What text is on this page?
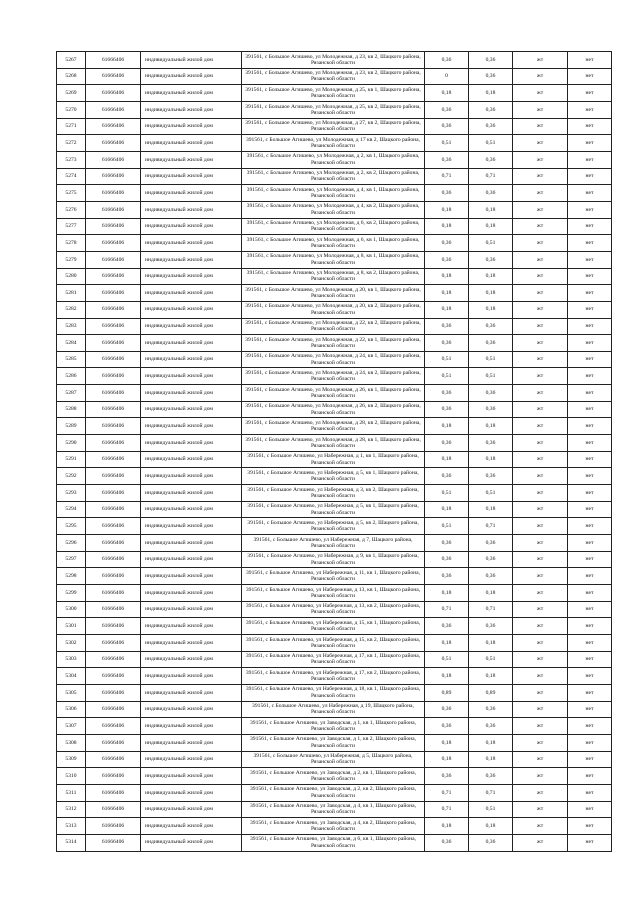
5267	61666406	индивидуальный жилой дом	391561, с Большое Агишево, ул Молодежная, д 23, кв 2, Шацкого района, Рязанской области	0,36	0,36	жт	нет
5268	61666406	индивидуальный жилой дом	391561, с Большое Агишево, ул Молодежная, д 23, кв 2, Шацкого района, Рязанской области	0	0,36	жт	нет
5269	61666406	индивидуальный жилой дом	391561, с Большое Агишево, ул Молодежная, д 25, кв 1, Шацкого района, Рязанской области	0,18	0,18	жт	нет
5270	61666406	индивидуальный жилой дом	391561, с Большое Агишево, ул Молодежная, д 25, кв 2, Шацкого района, Рязанской области	0,36	0,36	жт	нет
5271	61666406	индивидуальный жилой дом	391561, с Большое Агишево, ул Молодежная, д 27, кв 2, Шацкого района, Рязанской области	0,36	0,36	жт	нет
5272	61666406	индивидуальный жилой дом	391561, с Большое Агишево, ул Молодежная, д 17 кв 2, Шацкого района, Рязанской области	0,51	0,51	жт	нет
5273	61666406	индивидуальный жилой дом	391561, с Большое Агишево, ул Молодежная, д 2, кв 1, Шацкого района, Рязанской области	0,36	0,36	жт	нет
5274	61666406	индивидуальный жилой дом	391561, с Большое Агишево, ул Молодежная, д 2, кв 2, Шацкого района, Рязанской области	0,71	0,71	жт	нет
5275	61666406	индивидуальный жилой дом	391561, с Большое Агишево, ул Молодежная, д 4, кв 1, Шацкого района, Рязанской области	0,36	0,36	жт	нет
5276	61666406	индивидуальный жилой дом	391561, с Большое Агишево, ул Молодежная, д 4, кв 2, Шацкого района, Рязанской области	0,18	0,18	жт	нет
5277	61666406	индивидуальный жилой дом	391561, с Большое Агишево, ул Молодежная, д 6, кв 2, Шацкого района, Рязанской области	0,18	0,18	жт	нет
5278	61666406	индивидуальный жилой дом	391561, с Большое Агишево, ул Молодежная, д 6, кв 1, Шацкого района, Рязанской области	0,36	0,51	жт	нет
5279	61666406	индивидуальный жилой дом	391561, с Большое Агишево, ул Молодежная, д 8, кв 1, Шацкого района, Рязанской области	0,36	0,36	жт	нет
5280	61666406	индивидуальный жилой дом	391561, с Большое Агишево, ул Молодежная, д 8, кв 2, Шацкого района, Рязанской области	0,18	0,18	жт	нет
5281	61666406	индивидуальный жилой дом	391561, с Большое Агишево, ул Молодежная, д 20, кв 1, Шацкого района, Рязанской области	0,18	0,18	жт	нет
5282	61666406	индивидуальный жилой дом	391561, с Большое Агишево, ул Молодежная, д 20, кв 2, Шацкого района, Рязанской области	0,18	0,18	жт	нет
5283	61666406	индивидуальный жилой дом	391561, с Большое Агишево, ул Молодежная, д 22, кв 2, Шацкого района, Рязанской области	0,36	0,36	жт	нет
5284	61666406	индивидуальный жилой дом	391561, с Большое Агишево, ул Молодежная, д 22, кв 1, Шацкого района, Рязанской области	0,36	0,36	жт	нет
5285	61666406	индивидуальный жилой дом	391561, с Большое Агишево, ул Молодежная, д 24, кв 1, Шацкого района, Рязанской области	0,51	0,51	жт	нет
5286	61666406	индивидуальный жилой дом	391561, с Большое Агишево, ул Молодежная, д 24, кв 2, Шацкого района, Рязанской области	0,51	0,51	жт	нет
5287	61666406	индивидуальный жилой дом	391561, с Большое Агишево, ул Молодежная, д 26, кв 1, Шацкого района, Рязанской области	0,36	0,36	жт	нет
5288	61666406	индивидуальный жилой дом	391561, с Большое Агишево, ул Молодежная, д 26, кв 2, Шацкого района, Рязанской области	0,36	0,36	жт	нет
5289	61666406	индивидуальный жилой дом	391561, с Большое Агишево, ул Молодежная, д 28, кв 2, Шацкого района, Рязанской области	0,18	0,18	жт	нет
5290	61666406	индивидуальный жилой дом	391561, с Большое Агишево, ул Молодежная, д 28, кв 1, Шацкого района, Рязанской области	0,36	0,36	жт	нет
5291	61666406	индивидуальный жилой дом	391561, с Большое Агишево, ул Набережная, д 1, кв 1, Шацкого района, Рязанской области	0,18	0,18	жт	нет
5292	61666406	индивидуальный жилой дом	391561, с Большое Агишево, ул Набережная, д 5, кв 1, Шацкого района, Рязанской области	0,36	0,36	жт	нет
5293	61666406	индивидуальный жилой дом	391561, с Большое Агишево, ул Набережная, д 3, кв 2, Шацкого района, Рязанской области	0,51	0,51	жт	нет
5294	61666406	индивидуальный жилой дом	391561, с Большое Агишево, ул Набережная, д 5, кв 1, Шацкого района, Рязанской области	0,18	0,18	жт	нет
5295	61666406	индивидуальный жилой дом	391561, с Большое Агишево, ул Набережная, д 5, кв 2, Шацкого района, Рязанской области	0,51	0,71	жт	нет
5296	61666406	индивидуальный жилой дом	391561, с Большое Агишево, ул Набережная, д 7, Шацкого района, Рязанской области	0,36	0,36	жт	нет
5297	61666406	индивидуальный жилой дом	391561, с Большое Агишево, ул Набережная, д 9, кв 1, Шацкого района, Рязанской области	0,36	0,36	жт	нет
5298	61666406	индивидуальный жилой дом	391561, с Большое Агишево, ул Набережная, д 11, кв 1, Шацкого района, Рязанской области	0,36	0,36	жт	нет
5299	61666406	индивидуальный жилой дом	391561, с Большое Агишево, ул Набережная, д 13, кв 1, Шацкого района, Рязанской области	0,18	0,18	жт	нет
5300	61666406	индивидуальный жилой дом	391561, с Большое Агишево, ул Набережная, д 13, кв 2, Шацкого района, Рязанской области	0,71	0,71	жт	нет
5301	61666406	индивидуальный жилой дом	391561, с Большое Агишево, ул Набережная, д 15, кв 1, Шацкого района, Рязанской области	0,36	0,36	жт	нет
5302	61666406	индивидуальный жилой дом	391561, с Большое Агишево, ул Набережная, д 15, кв 2, Шацкого района, Рязанской области	0,18	0,18	жт	нет
5303	61666406	индивидуальный жилой дом	391561, с Большое Агишево, ул Набережная, д 17, кв 1, Шацкого района, Рязанской области	0,51	0,51	жт	нет
5304	61666406	индивидуальный жилой дом	391561, с Большое Агишево, ул Набережная, д 17, кв 2, Шацкого района, Рязанской области	0,18	0,18	жт	нет
5305	61666406	индивидуальный жилой дом	391561, с Большое Агишево, ул Набережная, д 18, кв 1, Шацкого района, Рязанской области	0,89	0,89	жт	нет
5306	61666406	индивидуальный жилой дом	391561, с Большое Агишево, ул Набережная, д 19, Шацкого района, Рязанской области	0,36	0,36	жт	нет
5307	61666406	индивидуальный жилой дом	391561, с Большое Агишево, ул Заводская, д 1, кв 1, Шацкого района, Рязанской области	0,36	0,36	жт	нет
5308	61666406	индивидуальный жилой дом	391561, с Большое Агишево, ул Заводская, д 1, кв 2, Шацкого района, Рязанской области	0,18	0,18	жт	нет
5309	61666406	индивидуальный жилой дом	391561, с Большое Агишево, ул Набережная, д 5, Шацкого района, Рязанской области	0,18	0,18	жт	нет
5310	61666406	индивидуальный жилой дом	391561, с Большое Агишево, ул Заводская, д 2, кв 1, Шацкого района, Рязанской области	0,36	0,36	жт	нет
5311	61666406	индивидуальный жилой дом	391561, с Большое Агишево, ул Заводская, д 2, кв 2, Шацкого района, Рязанской области	0,71	0,71	жт	нет
5312	61666406	индивидуальный жилой дом	391561, с Большое Агишево, ул Заводская, д 4, кв 1, Шацкого района, Рязанской области	0,71	0,51	жт	нет
5313	61666406	индивидуальный жилой дом	391561, с Большое Агишево, ул Заводская, д 4, кв 2, Шацкого района, Рязанской области	0,18	0,18	жт	нет
5314	61666406	индивидуальный жилой дом	391561, с Большое Агишево, ул Заводская, д 6, кв 1, Шацкого района, Рязанской области	0,36	0,36	жт	нет
